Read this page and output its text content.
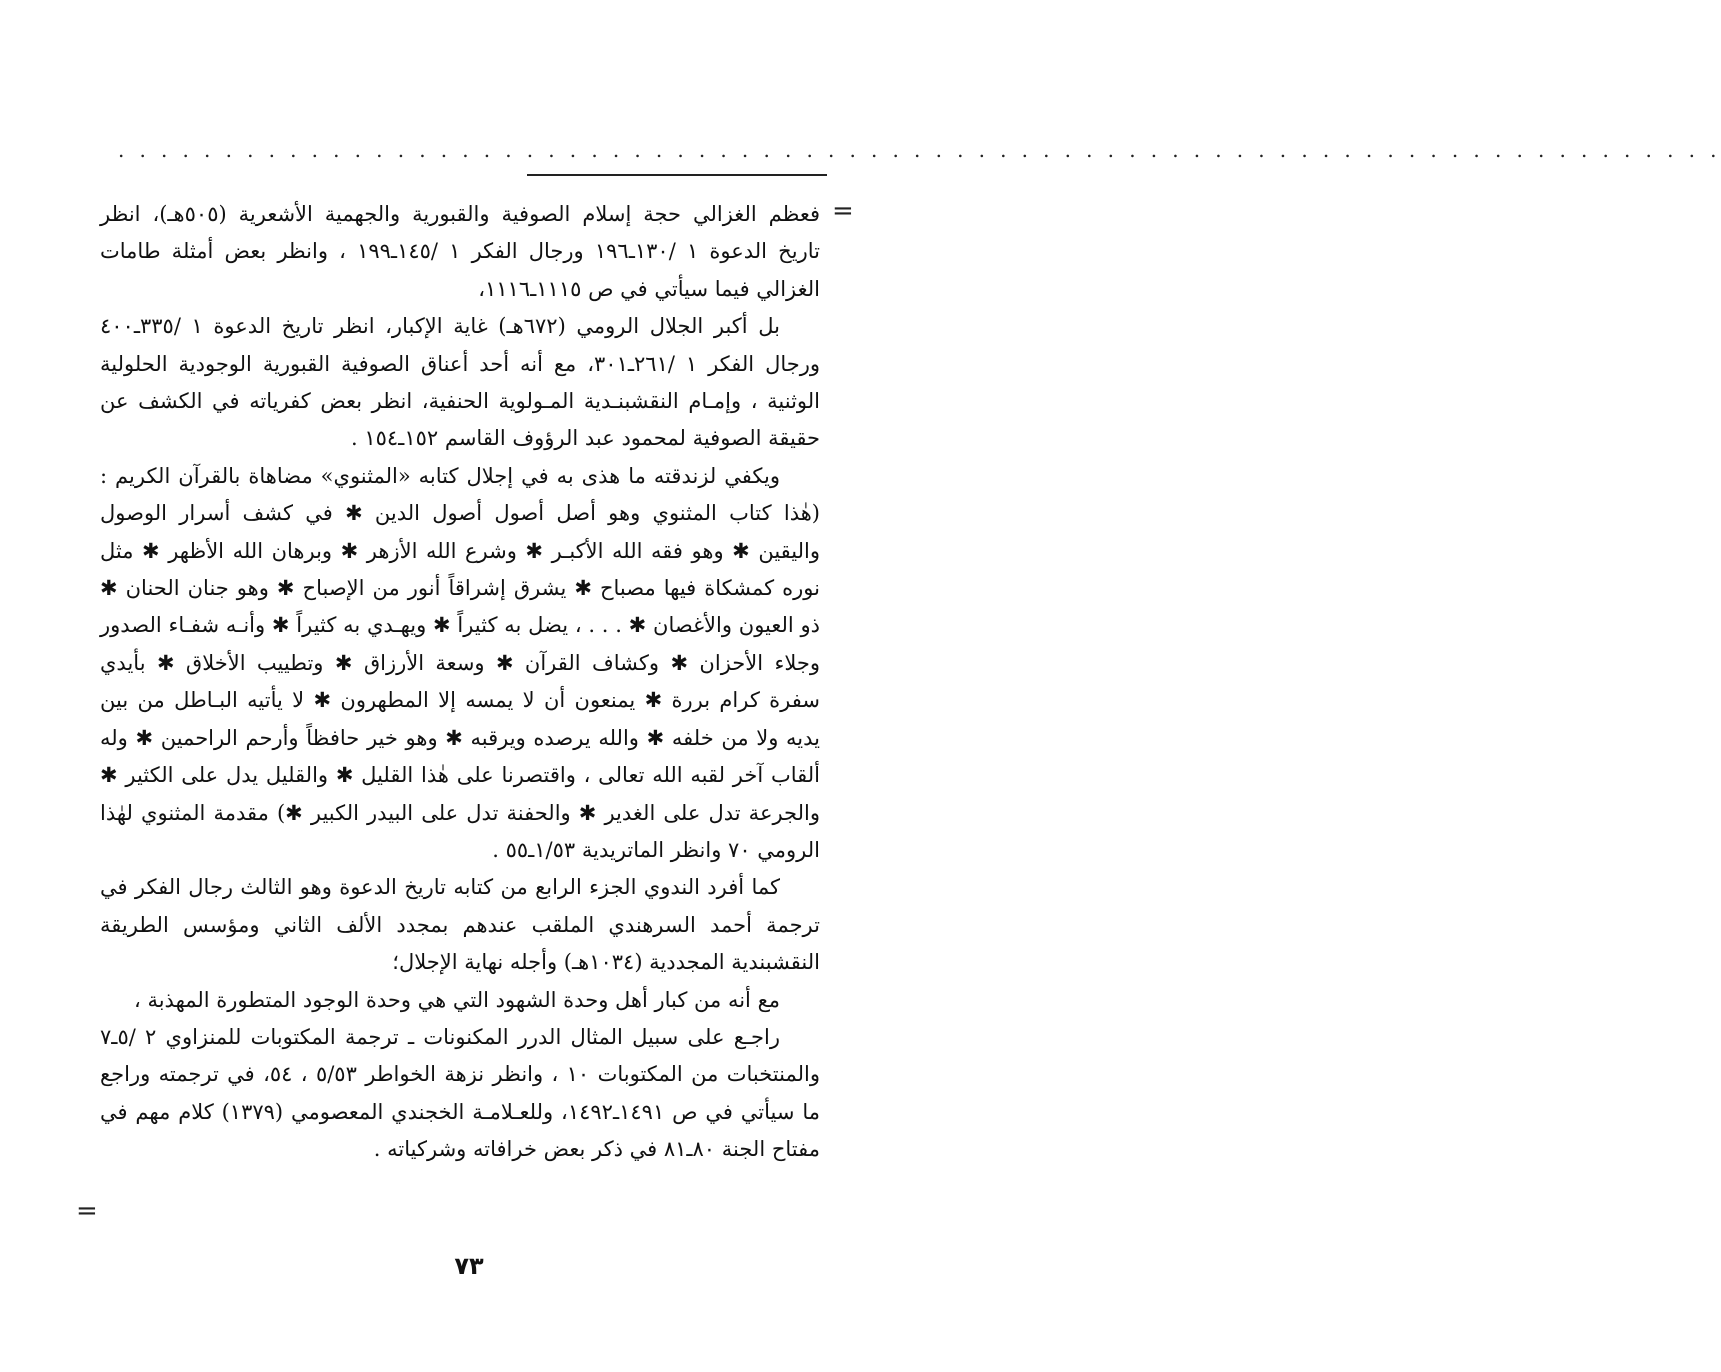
. . . . . . . . . . . . . . . . . . . . . . . . . . . . . . . . . . . . . . . . . . . . . . . . . . . . . . . . . . . . . . . . . . . . . . . . . . .
=

فعظم الغزالي حجة إسلام الصوفية والقبورية والجهمية الأشعرية (٥٠٥هـ)، انظر تاريخ الدعوة ١ /١٣٠ـ١٩٦ ورجال الفكر ١ /١٤٥ـ١٩٩ ، وانظر بعض أمثلة طامات الغزالي فيما سيأتي في ص ١١١٥ـ١١١٦،

بل أكبر الجلال الرومي (٦٧٢هـ) غاية الإكبار، انظر تاريخ الدعوة ١ /٣٣٥ـ٤٠٠ ورجال الفكر ١ /٢٦١ـ٣٠١، مع أنه أحد أعناق الصوفية القبورية الوجودية الحلولية الوثنية ، وإمـام النقشبنـدية المـولوية الحنفية، انظر بعض كفرياته في الكشف عن حقيقة الصوفية لمحمود عبد الرؤوف القاسم ١٥٢ـ١٥٤ .

ويكفي لزندقته ما هذى به في إجلال كتابه «المثنوي» مضاهاة بالقرآن الكريم : (هٰذا كتاب المثنوي وهو أصل أصول أصول الدين ✱ في كشف أسرار الوصول واليقين ✱ وهو فقه الله الأكبـر ✱ وشرع الله الأزهر ✱ وبرهان الله الأظهر ✱ مثل نوره كمشكاة فيها مصباح ✱ يشرق إشراقاً أنور من الإصباح ✱ وهو جنان الحنان ✱ ذو العيون والأغصان ✱ . . . ، يضل به كثيراً ✱ ويهـدي به كثيراً ✱ وأنـه شفـاء الصدور وجلاء الأحزان ✱ وكشاف القرآن ✱ وسعة الأرزاق ✱ وتطييب الأخلاق ✱ بأيدي سفرة كرام بررة ✱ يمنعون أن لا يمسه إلا المطهرون ✱ لا يأتيه البـاطل من بين يديه ولا من خلفه ✱ والله يرصده ويرقبه ✱ وهو خير حافظاً وأرحم الراحمين ✱ وله ألقاب آخر لقبه الله تعالى ، واقتصرنا على هٰذا القليل ✱ والقليل يدل على الكثير ✱ والجرعة تدل على الغدير ✱ والحفنة تدل على البيدر الكبير ✱) مقدمة المثنوي لهٰذا الرومي ٧٠ وانظر الماتريدية ١/٥٣ـ٥٥ .

كما أفرد الندوي الجزء الرابع من كتابه تاريخ الدعوة وهو الثالث رجال الفكر في ترجمة أحمد السرهندي الملقب عندهم بمجدد الألف الثاني ومؤسس الطريقة النقشبندية المجددية (١٠٣٤هـ) وأجله نهاية الإجلال؛

مع أنه من كبار أهل وحدة الشهود التي هي وحدة الوجود المتطورة المهذبة ،

راجـع على سبيل المثال الدرر المكنونات ـ ترجمة المكتوبات للمنزاوي ٢ /٥ـ٧ والمنتخبات من المكتوبات ١٠ ، وانظر نزهة الخواطر ٥/٥٣ ، ٥٤، في ترجمته وراجع ما سيأتي في ص ١٤٩١ـ١٤٩٢، وللعـلامـة الخجندي المعصومي (١٣٧٩) كلام مهم في مفتاح الجنة ٨٠ـ٨١ في ذكر بعض خرافاته وشركياته .

=
٧٣
